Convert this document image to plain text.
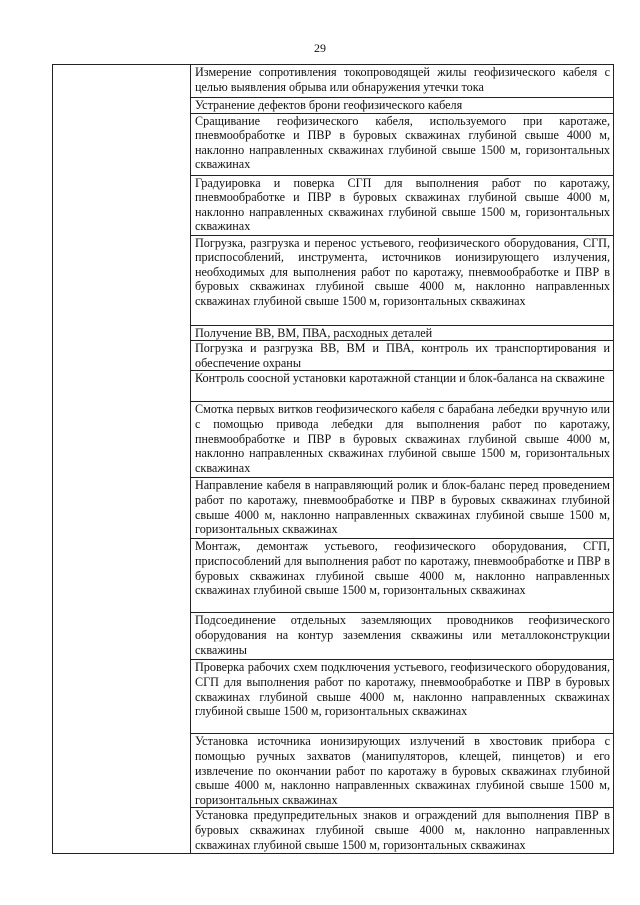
29

Измерение сопротивления токопроводящей жилы геофизического кабеля с целью выявления обрыва или обнаружения утечки тока

Устранение дефектов брони геофизического кабеля

Сращивание геофизического кабеля, используемого при каротаже, пневмообработке и ПВР в буровых скважинах глубиной свыше 4000 м, наклонно направленных скважинах глубиной свыше 1500 м, горизонтальных скважинах

Градуировка и поверка СГП для выполнения работ по каротажу, пневмообработке и ПВР в буровых скважинах глубиной свыше 4000 м, наклонно направленных скважинах глубиной свыше 1500 м, горизонтальных скважинах

Погрузка, разгрузка и перенос устьевого, геофизического оборудования, СГП, приспособлений, инструмента, источников ионизирующего излучения, необходимых для выполнения работ по каротажу, пневмообработке и ПВР в буровых скважинах глубиной свыше 4000 м, наклонно направленных скважинах глубиной свыше 1500 м, горизонтальных скважинах

Получение ВВ, ВМ, ПВА, расходных деталей

Погрузка и разгрузка ВВ, ВМ и ПВА, контроль их транспортирования и обеспечение охраны

Контроль соосной установки каротажной станции и блок-баланса на скважине

Смотка первых витков геофизического кабеля с барабана лебедки вручную или с помощью привода лебедки для выполнения работ по каротажу, пневмообработке и ПВР в буровых скважинах глубиной свыше 4000 м, наклонно направленных скважинах глубиной свыше 1500 м, горизонтальных скважинах

Направление кабеля в направляющий ролик и блок-баланс перед проведением работ по каротажу, пневмообработке и ПВР в буровых скважинах глубиной свыше 4000 м, наклонно направленных скважинах глубиной свыше 1500 м, горизонтальных скважинах

Монтаж, демонтаж устьевого, геофизического оборудования, СГП, приспособлений для выполнения работ по каротажу, пневмообработке и ПВР в буровых скважинах глубиной свыше 4000 м, наклонно направленных скважинах глубиной свыше 1500 м, горизонтальных скважинах

Подсоединение отдельных заземляющих проводников геофизического оборудования на контур заземления скважины или металлоконструкции скважины

Проверка рабочих схем подключения устьевого, геофизического оборудования, СГП для выполнения работ по каротажу, пневмообработке и ПВР в буровых скважинах глубиной свыше 4000 м, наклонно направленных скважинах глубиной свыше 1500 м, горизонтальных скважинах

Установка источника ионизирующих излучений в хвостовик прибора с помощью ручных захватов (манипуляторов, клещей, пинцетов) и его извлечение по окончании работ по каротажу в буровых скважинах глубиной свыше 4000 м, наклонно направленных скважинах глубиной свыше 1500 м, горизонтальных скважинах

Установка предупредительных знаков и ограждений для выполнения ПВР в буровых скважинах глубиной свыше 4000 м, наклонно направленных скважинах глубиной свыше 1500 м, горизонтальных скважинах
